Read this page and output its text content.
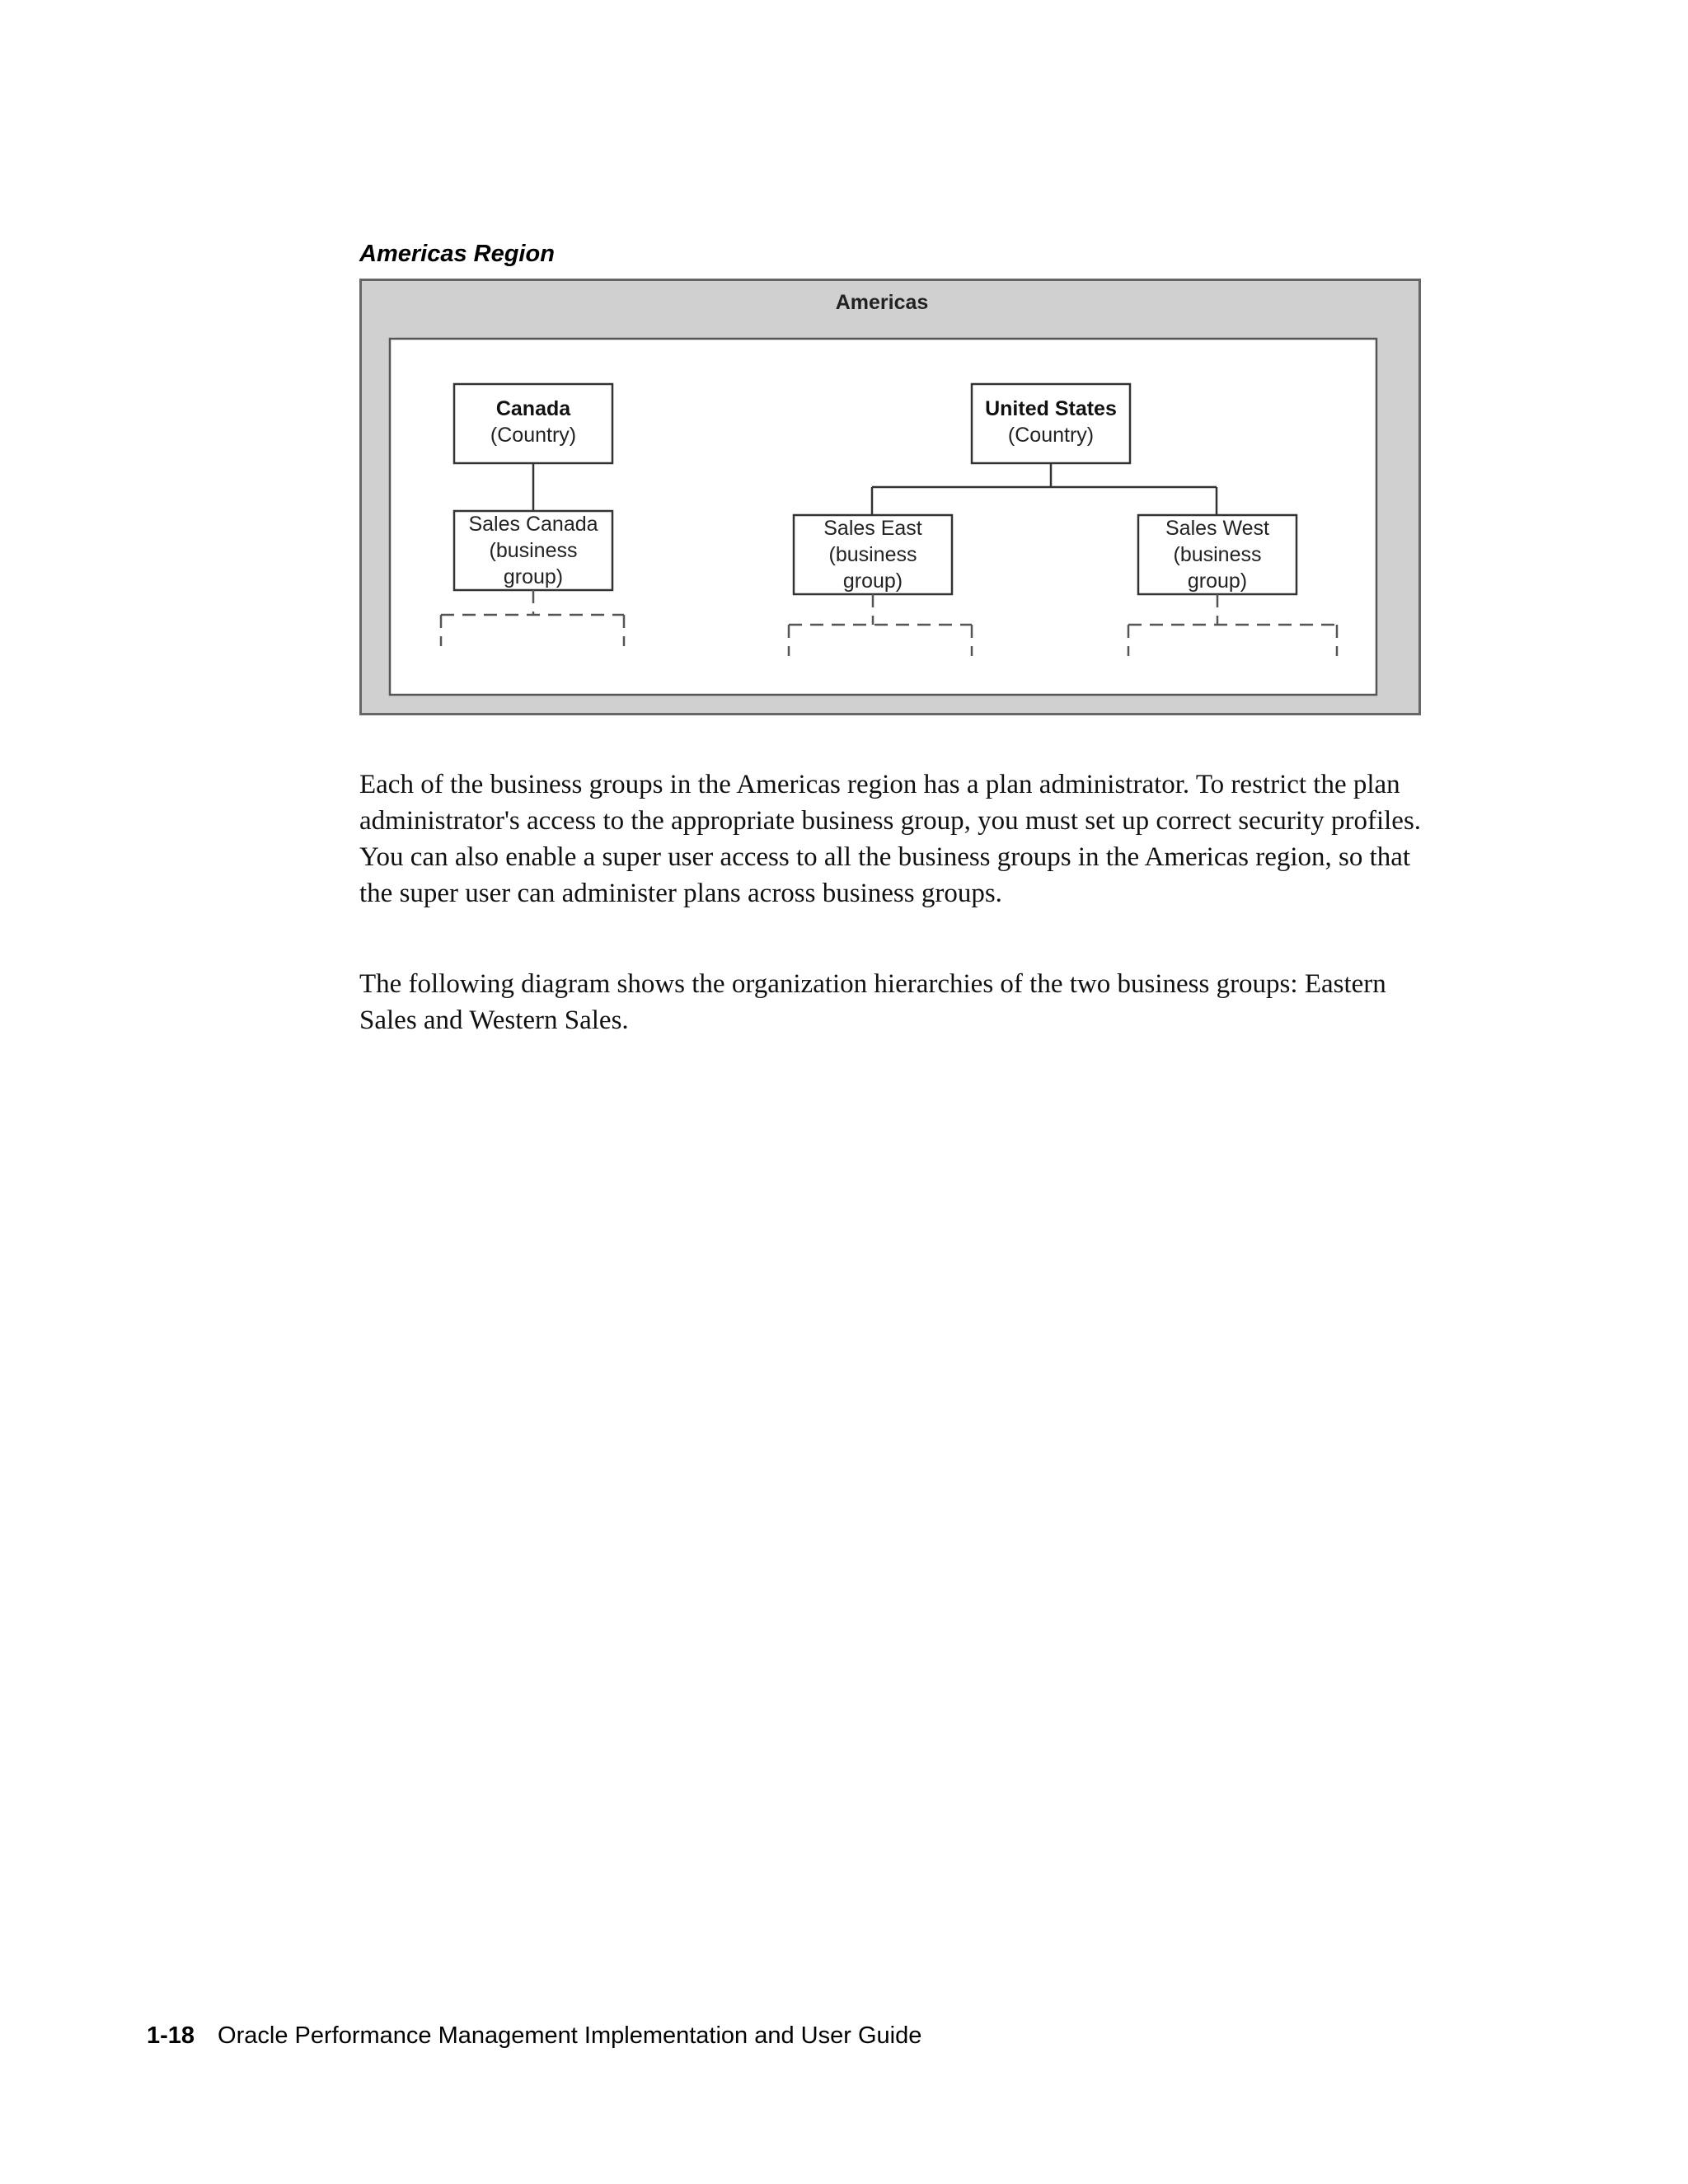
Americas Region
Americas
Canada
(Country)
Sales Canada
(business
group)
United States
(Country)
Sales East
(business
group)
Sales West
(business
group)

Each of the business groups in the Americas region has a plan administrator. To restrict the plan administrator's access to the appropriate business group, you must set up correct security profiles. You can also enable a super user access to all the business groups in the Americas region, so that the super user can administer plans across business groups.

The following diagram shows the organization hierarchies of the two business groups: Eastern Sales and Western Sales.

1-18 Oracle Performance Management Implementation and User Guide
